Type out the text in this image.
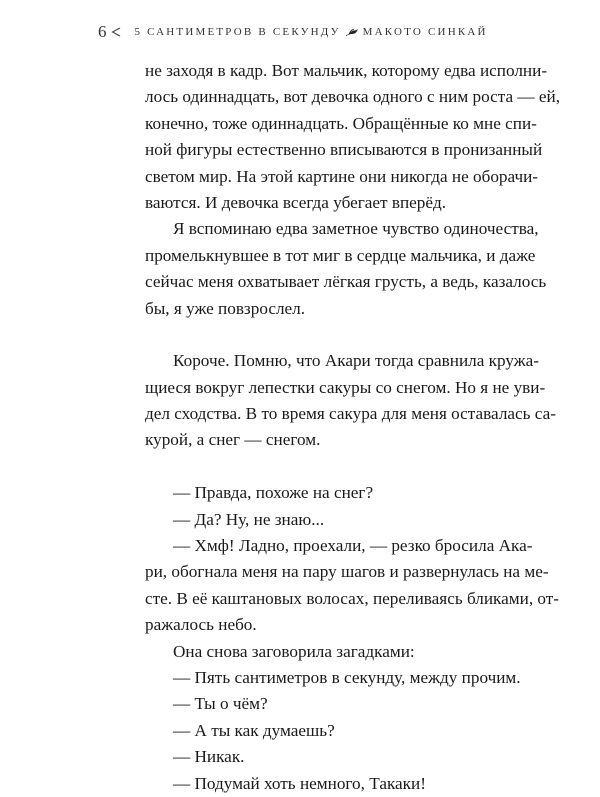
6	5 САНТИМЕТРОВ В СЕКУНДУ МАКОТО СИНКАЙ
не заходя в кадр. Вот мальчик, которому едва исполни-
лось одиннадцать, вот девочка одного с ним роста — ей,
конечно, тоже одиннадцать. Обращённые ко мне спи-
ной фигуры естественно вписываются в пронизанный
светом мир. На этой картине они никогда не оборачи-
ваются. И девочка всегда убегает вперёд.
Я вспоминаю едва заметное чувство одиночества,
промелькнувшее в тот миг в сердце мальчика, и даже
сейчас меня охватывает лёгкая грусть, а ведь, казалось
бы, я уже повзрослел.
Короче. Помню, что Акари тогда сравнила кружа-
щиеся вокруг лепестки сакуры со снегом. Но я не уви-
дел сходства. В то время сакура для меня оставалась са-
курой, а снег — снегом.
— Правда, похоже на снег?
— Да? Ну, не знаю...
— Хмф! Ладно, проехали, — резко бросила Ака-
ри, обогнала меня на пару шагов и развернулась на ме-
сте. В её каштановых волосах, переливаясь бликами, от-
ражалось небо.
Она снова заговорила загадками:
— Пять сантиметров в секунду, между прочим.
— Ты о чём?
— А ты как думаешь?
— Никак.
— Подумай хоть немного, Такаки!
